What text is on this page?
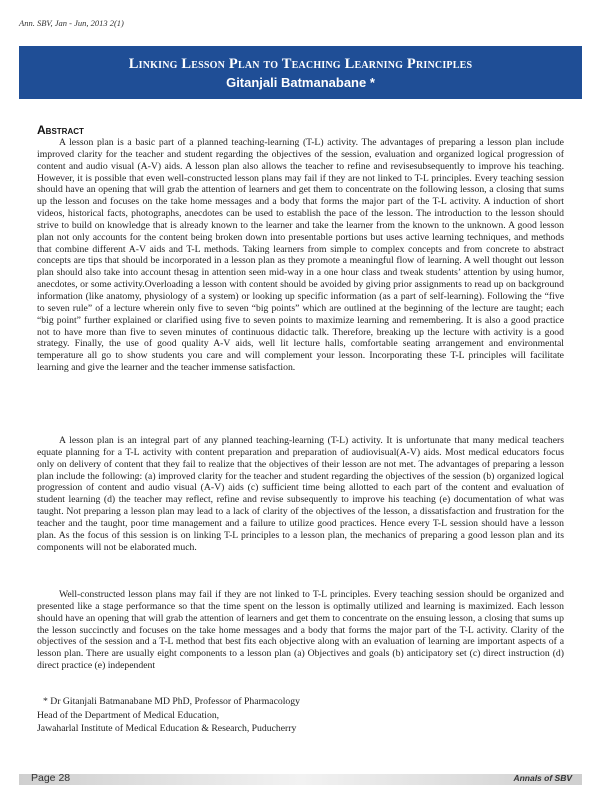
Ann. SBV, Jan - Jun, 2013 2(1)
Linking Lesson Plan to Teaching Learning Principles
Gitanjali Batmanabane *
Abstract

A lesson plan is a basic part of a planned teaching-learning (T-L) activity. The advantages of preparing a lesson plan include improved clarity for the teacher and student regarding the objectives of the session, evaluation and organized logical progression of content and audio visual (A-V) aids. A lesson plan also allows the teacher to refine and revisesubsequently to improve his teaching. However, it is possible that even well-constructed lesson plans may fail if they are not linked to T-L principles. Every teaching session should have an opening that will grab the attention of learners and get them to concentrate on the following lesson, a closing that sums up the lesson and focuses on the take home messages and a body that forms the major part of the T-L activity. A induction of short videos, historical facts, photographs, anecdotes can be used to establish the pace of the lesson. The introduction to the lesson should strive to build on knowledge that is already known to the learner and take the learner from the known to the unknown. A good lesson plan not only accounts for the content being broken down into presentable portions but uses active learning techniques, and methods that combine different A-V aids and T-L methods. Taking learners from simple to complex concepts and from concrete to abstract concepts are tips that should be incorporated in a lesson plan as they promote a meaningful flow of learning. A well thought out lesson plan should also take into account thesag in attention seen mid-way in a one hour class and tweak students’ attention by using humor, anecdotes, or some activity.Overloading a lesson with content should be avoided by giving prior assignments to read up on background information (like anatomy, physiology of a system) or looking up specific information (as a part of self-learning). Following the “five to seven rule” of a lecture wherein only five to seven “big points” which are outlined at the beginning of the lecture are taught; each “big point” further explained or clarified using five to seven points to maximize learning and remembering. It is also a good practice not to have more than five to seven minutes of continuous didactic talk. Therefore, breaking up the lecture with activity is a good strategy. Finally, the use of good quality A-V aids, well lit lecture halls, comfortable seating arrangement and environmental temperature all go to show students you care and will complement your lesson. Incorporating these T-L principles will facilitate learning and give the learner and the teacher immense satisfaction.

A lesson plan is an integral part of any planned teaching-learning (T-L) activity. It is unfortunate that many medical teachers equate planning for a T-L activity with content preparation and preparation of audiovisual(A-V) aids. Most medical educators focus only on delivery of content that they fail to realize that the objectives of their lesson are not met. The advantages of preparing a lesson plan include the following: (a) improved clarity for the teacher and student regarding the objectives of the session (b) organized logical progression of content and audio visual (A-V) aids (c) sufficient time being allotted to each part of the content and evaluation of student learning (d) the teacher may reflect, refine and revise subsequently to improve his teaching (e) documentation of what was taught. Not preparing a lesson plan may lead to a lack of clarity of the objectives of the lesson, a dissatisfaction and frustration for the teacher and the taught, poor time management and a failure to utilize good practices. Hence every T-L session should have a lesson plan. As the focus of this session is on linking T-L principles to a lesson plan, the mechanics of preparing a good lesson plan and its components will not be elaborated much.

Well-constructed lesson plans may fail if they are not linked to T-L principles. Every teaching session should be organized and presented like a stage performance so that the time spent on the lesson is optimally utilized and learning is maximized. Each lesson should have an opening that will grab the attention of learners and get them to concentrate on the ensuing lesson, a closing that sums up the lesson succinctly and focuses on the take home messages and a body that forms the major part of the T-L activity. Clarity of the objectives of the session and a T-L method that best fits each objective along with an evaluation of learning are important aspects of a lesson plan. There are usually eight components to a lesson plan (a) Objectives and goals (b) anticipatory set (c) direct instruction (d) direct practice (e) independent

* Dr Gitanjali Batmanabane MD PhD, Professor of Pharmacology
Head of the Department of Medical Education,
Jawaharlal Institute of Medical Education & Research, Puducherry
Page 28	Annals of SBV
